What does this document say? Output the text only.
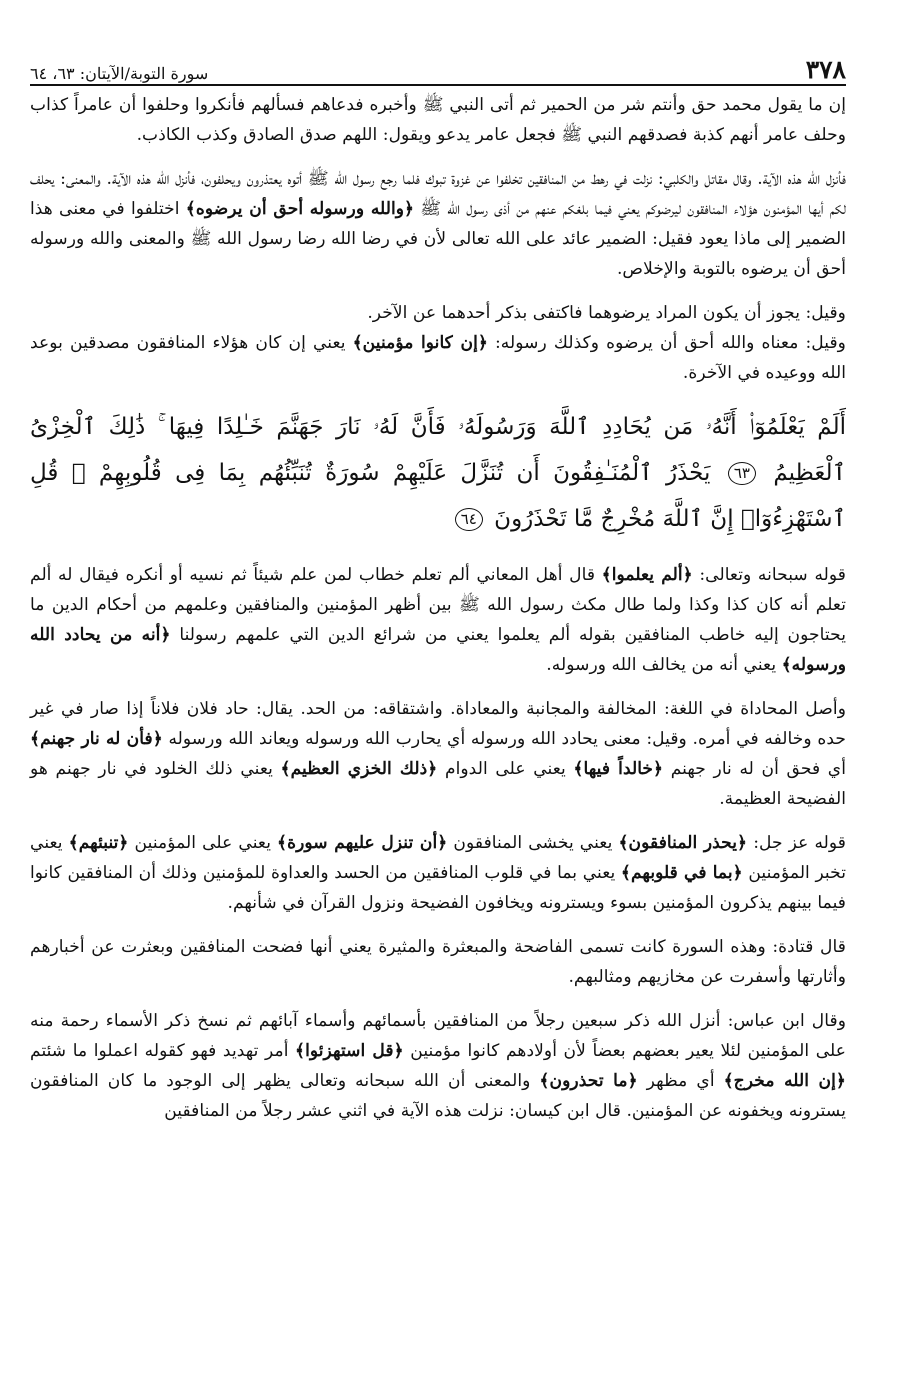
٣٧٨
سورة التوبة/الآيتان: ٦٣، ٦٤

إن ما يقول محمد حق وأنتم شر من الحمير ثم أتى النبي ﷺ وأخبره فدعاهم فسألهم فأنكروا وحلفوا أن عامراً كذاب وحلف عامر أنهم كذبة فصدقهم النبي ﷺ فجعل عامر يدعو ويقول: اللهم صدق الصادق وكذب الكاذب.

فأنزل الله هذه الآية. وقال مقاتل والكلبي: نزلت في رهط من المنافقين تخلفوا عن غزوة تبوك فلما رجع رسول الله ﷺ أتوه يعتذرون ويحلفون، فأنزل الله هذه الآية. والمعنى: يحلف لكم أيها المؤمنون هؤلاء المنافقون ليرضوكم يعني فيما بلغكم عنهم من أذى رسول الله ﷺ ﴿والله ورسوله أحق أن يرضوه﴾ اختلفوا في معنى هذا الضمير إلى ماذا يعود فقيل: الضمير عائد على الله تعالى لأن في رضا الله رضا رسول الله ﷺ والمعنى والله ورسوله أحق أن يرضوه بالتوبة والإخلاص.

وقيل: يجوز أن يكون المراد يرضوهما فاكتفى بذكر أحدهما عن الآخر.

وقيل: معناه والله أحق أن يرضوه وكذلك رسوله: ﴿إن كانوا مؤمنين﴾ يعني إن كان هؤلاء المنافقون مصدقين بوعد الله ووعيده في الآخرة.

أَلَمْ يَعْلَمُوٓا۟ أَنَّهُۥ مَن يُحَادِدِ ٱللَّهَ وَرَسُولَهُۥ فَأَنَّ لَهُۥ نَارَ جَهَنَّمَ خَـٰلِدًا فِيهَا ۚ ذَٰلِكَ ٱلْخِزْىُ ٱلْعَظِيمُ ٦٣ يَحْذَرُ ٱلْمُنَـٰفِقُونَ أَن تُنَزَّلَ عَلَيْهِمْ سُورَةٌ تُنَبِّئُهُم بِمَا فِى قُلُوبِهِمْ ۚ قُلِ ٱسْتَهْزِءُوٓا۟ إِنَّ ٱللَّهَ مُخْرِجٌ مَّا تَحْذَرُونَ ٦٤

قوله سبحانه وتعالى: ﴿ألم يعلموا﴾ قال أهل المعاني ألم تعلم خطاب لمن علم شيئاً ثم نسيه أو أنكره فيقال له ألم تعلم أنه كان كذا وكذا ولما طال مكث رسول الله ﷺ بين أظهر المؤمنين والمنافقين وعلمهم من أحكام الدين ما يحتاجون إليه خاطب المنافقين بقوله ألم يعلموا يعني من شرائع الدين التي علمهم رسولنا ﴿أنه من يحادد الله ورسوله﴾ يعني أنه من يخالف الله ورسوله.

وأصل المحاداة في اللغة: المخالفة والمجانبة والمعاداة. واشتقاقه: من الحد. يقال: حاد فلان فلاناً إذا صار في غير حده وخالفه في أمره. وقيل: معنى يحادد الله ورسوله أي يحارب الله ورسوله ويعاند الله ورسوله ﴿فأن له نار جهنم﴾ أي فحق أن له نار جهنم ﴿خالداً فيها﴾ يعني على الدوام ﴿ذلك الخزي العظيم﴾ يعني ذلك الخلود في نار جهنم هو الفضيحة العظيمة.

قوله عز جل: ﴿يحذر المنافقون﴾ يعني يخشى المنافقون ﴿أن تنزل عليهم سورة﴾ يعني على المؤمنين ﴿تنبئهم﴾ يعني تخبر المؤمنين ﴿بما في قلوبهم﴾ يعني بما في قلوب المنافقين من الحسد والعداوة للمؤمنين وذلك أن المنافقين كانوا فيما بينهم يذكرون المؤمنين بسوء ويسترونه ويخافون الفضيحة ونزول القرآن في شأنهم.

قال قتادة: وهذه السورة كانت تسمى الفاضحة والمبعثرة والمثيرة يعني أنها فضحت المنافقين وبعثرت عن أخبارهم وأثارتها وأسفرت عن مخازيهم ومثالبهم.

وقال ابن عباس: أنزل الله ذكر سبعين رجلاً من المنافقين بأسمائهم وأسماء آبائهم ثم نسخ ذكر الأسماء رحمة منه على المؤمنين لئلا يعير بعضهم بعضاً لأن أولادهم كانوا مؤمنين ﴿قل استهزئوا﴾ أمر تهديد فهو كقوله اعملوا ما شئتم ﴿إن الله مخرج﴾ أي مظهر ﴿ما تحذرون﴾ والمعنى أن الله سبحانه وتعالى يظهر إلى الوجود ما كان المنافقون يسترونه ويخفونه عن المؤمنين. قال ابن كيسان: نزلت هذه الآية في اثني عشر رجلاً من المنافقين
